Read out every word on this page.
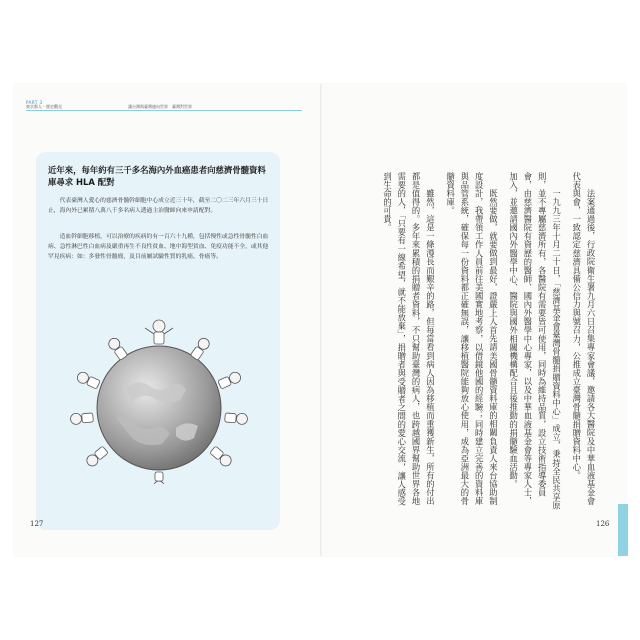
PART 3
東京都人・歷史觀光	讓台灣與臺灣連向世界　臺灣對世界
近年來，每年約有三千多名海內外血癌患者向慈濟骨髓資料庫尋求 HLA 配對
代表臺灣人愛心的慈濟骨髓幹細胞中心成立近三十年，截至二〇二三年六月三十日止，海內外已累積八萬八千多名病人透過主治醫師向來申請配對。
造血幹細胞移植，可以治療的疾病約有一百六十九種，包括慢性或急性骨髓性白血病、急性淋巴性白血病及嚴重再生不良性貧血、地中海型貧血、免疫功能不全，或其他罕見疾病：如：多發性骨髓瘤，及目前屬試驗性質的乳癌、骨癌等。
127

法案通過後，行政院衛生署九月六日召集專家會議，邀請各大醫院及中華血液基金會代表與會，一致認定慈濟具備公信力與號召力，公推成立臺灣骨髓捐贈資料中心。

一九九三年十月二十日，「慈濟基金會臺灣骨髓捐贈資料中心」成立，秉持全民共享原則，並不專屬慈濟所有，各醫院有需要皆可使用，同時為維持品質，設立技術指導委員會，由慈濟醫院有資歷的醫師、國內外醫學中心專家，以及中華血液基金會等專家人士，加入，並邀請國內外醫學中心、醫院與國外相關機構配合且後推動的捐髓驗血活動。

既然要做，就要做到最好，證嚴上人首先請美國骨髓資料庫的相關負責人來台協助制度設計，我帶領工作人員前往美國實地考察，以借鏡他國的經驗；同時建立完善的資料庫與品管系統，確保每一份資料都正確無誤，讓移植醫院能夠放心使用，成為亞洲最大的骨髓資料庫。

雖然，這是一條漫長而艱辛的路，但每當看到病人因為移植而重獲新生，所有的付出都是值得的。多年來累積的捐贈者資料，不只幫助臺灣的病人，也跨越國界幫助世界各地需要的人，「只要有一線希望，就不能放棄」，捐贈者與受贈者之間的愛心交流，讓人感受到生命的可貴。

126
